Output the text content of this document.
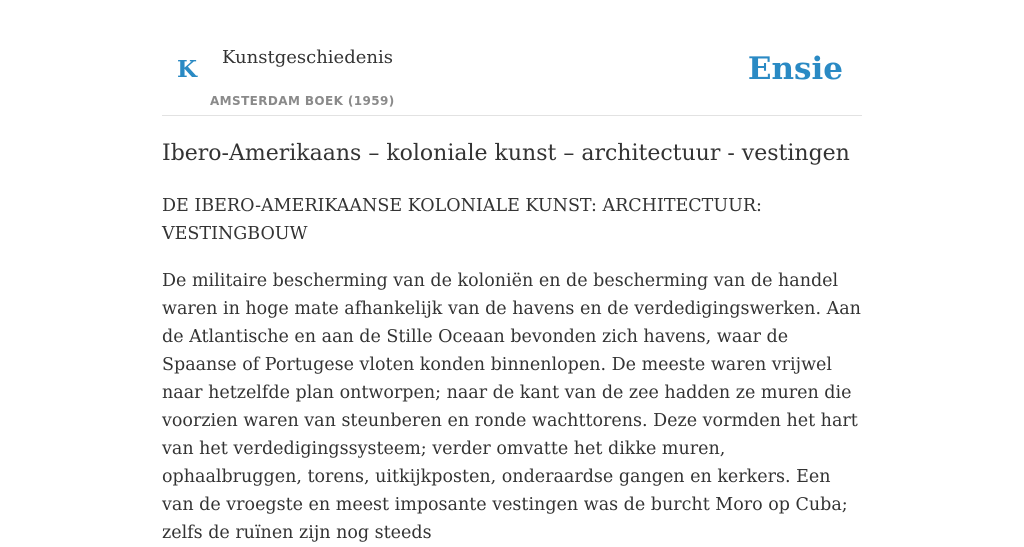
K Kunstgeschiedenis
AMSTERDAM BOEK (1959)
Ensie
Ibero-Amerikaans – koloniale kunst – architectuur - vestingen
DE IBERO-AMERIKAANSE KOLONIALE KUNST: ARCHITECTUUR: VESTINGBOUW

De militaire bescherming van de koloniën en de bescherming van de handel waren in hoge mate afhankelijk van de havens en de verdedigingswerken. Aan de Atlantische en aan de Stille Oceaan bevonden zich havens, waar de Spaanse of Portugese vloten konden binnenlopen. De meeste waren vrijwel naar hetzelfde plan ontworpen; naar de kant van de zee hadden ze muren die voorzien waren van steunberen en ronde wachttorens. Deze vormden het hart van het verdedigingssysteem; verder omvatte het dikke muren, ophaalbruggen, torens, uitkijkposten, onderaardse gangen en kerkers. Een van de vroegste en meest imposante vestingen was de burcht Moro op Cuba; zelfs de ruïnen zijn nog steeds
